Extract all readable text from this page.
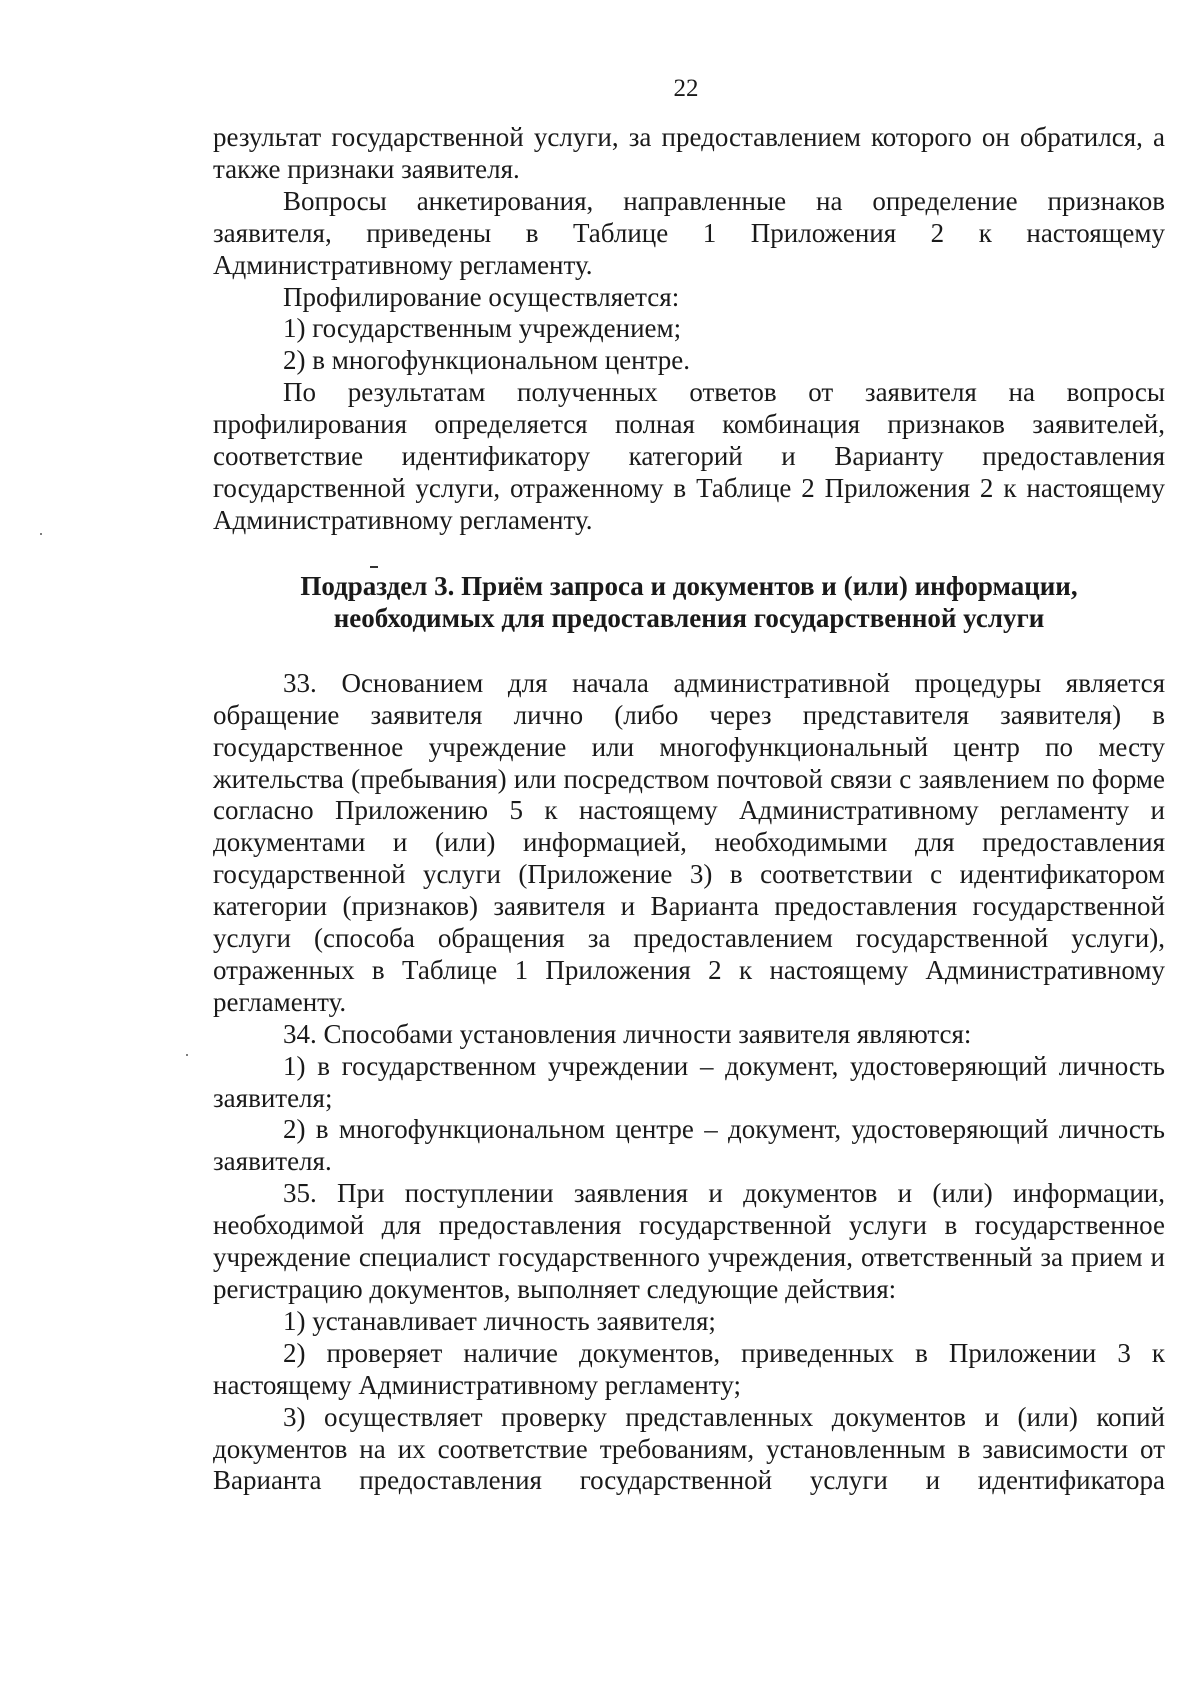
22

результат государственной услуги, за предоставлением которого он обратился, а также признаки заявителя.

Вопросы анкетирования, направленные на определение признаков заявителя, приведены в Таблице 1 Приложения 2 к настоящему Административному регламенту.

Профилирование осуществляется:

1) государственным учреждением;

2) в многофункциональном центре.

По результатам полученных ответов от заявителя на вопросы профилирования определяется полная комбинация признаков заявителей, соответствие идентификатору категорий и Варианту предоставления государственной услуги, отраженному в Таблице 2 Приложения 2 к настоящему Административному регламенту.

Подраздел 3. Приём запроса и документов и (или) информации,
необходимых для предоставления государственной услуги

33. Основанием для начала административной процедуры является обращение заявителя лично (либо через представителя заявителя) в государственное учреждение или многофункциональный центр по месту жительства (пребывания) или посредством почтовой связи с заявлением по форме согласно Приложению 5 к настоящему Административному регламенту и документами и (или) информацией, необходимыми для предоставления государственной услуги (Приложение 3) в соответствии с идентификатором категории (признаков) заявителя и Варианта предоставления государственной услуги (способа обращения за предоставлением государственной услуги), отраженных в Таблице 1 Приложения 2 к настоящему Административному регламенту.

34. Способами установления личности заявителя являются:

1) в государственном учреждении – документ, удостоверяющий личность заявителя;

2) в многофункциональном центре – документ, удостоверяющий личность заявителя.

35. При поступлении заявления и документов и (или) информации, необходимой для предоставления государственной услуги в государственное учреждение специалист государственного учреждения, ответственный за прием и регистрацию документов, выполняет следующие действия:

1) устанавливает личность заявителя;

2) проверяет наличие документов, приведенных в Приложении 3 к настоящему Административному регламенту;

3) осуществляет проверку представленных документов и (или) копий документов на их соответствие требованиям, установленным в зависимости от Варианта предоставления государственной услуги и идентификатора
